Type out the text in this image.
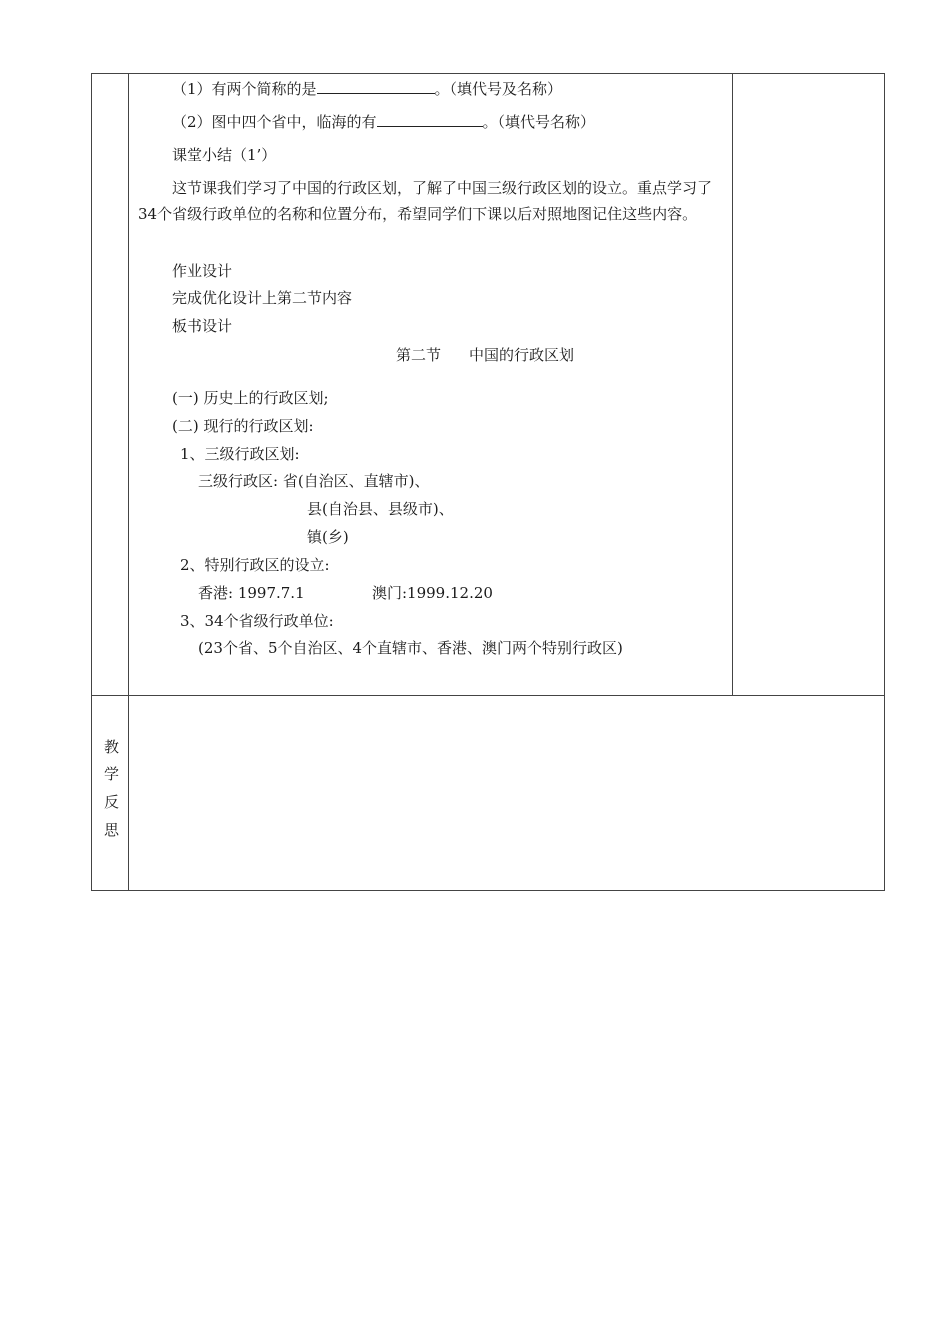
（1）有两个简称的是	。（填代号及名称）
（2）图中四个省中，临海的有	。（填代号名称）
课堂小结（1’）
这节课我们学习了中国的行政区划，了解了中国三级行政区划的设立。重点学习了34个省级行政单位的名称和位置分布，希望同学们下课以后对照地图记住这些内容。
作业设计
完成优化设计上第二节内容
板书设计
第二节 中国的行政区划
(一) 历史上的行政区划;
(二) 现行的行政区划:
1、三级行政区划:
三级行政区: 省(自治区、直辖市)、
县(自治县、县级市)、
镇(乡)
2、特别行政区的设立:
香港: 1997.7.1	澳门:1999.12.20
3、34个省级行政单位:
(23个省、5个自治区、4个直辖市、香港、澳门两个特别行政区)
教
学
反
思
